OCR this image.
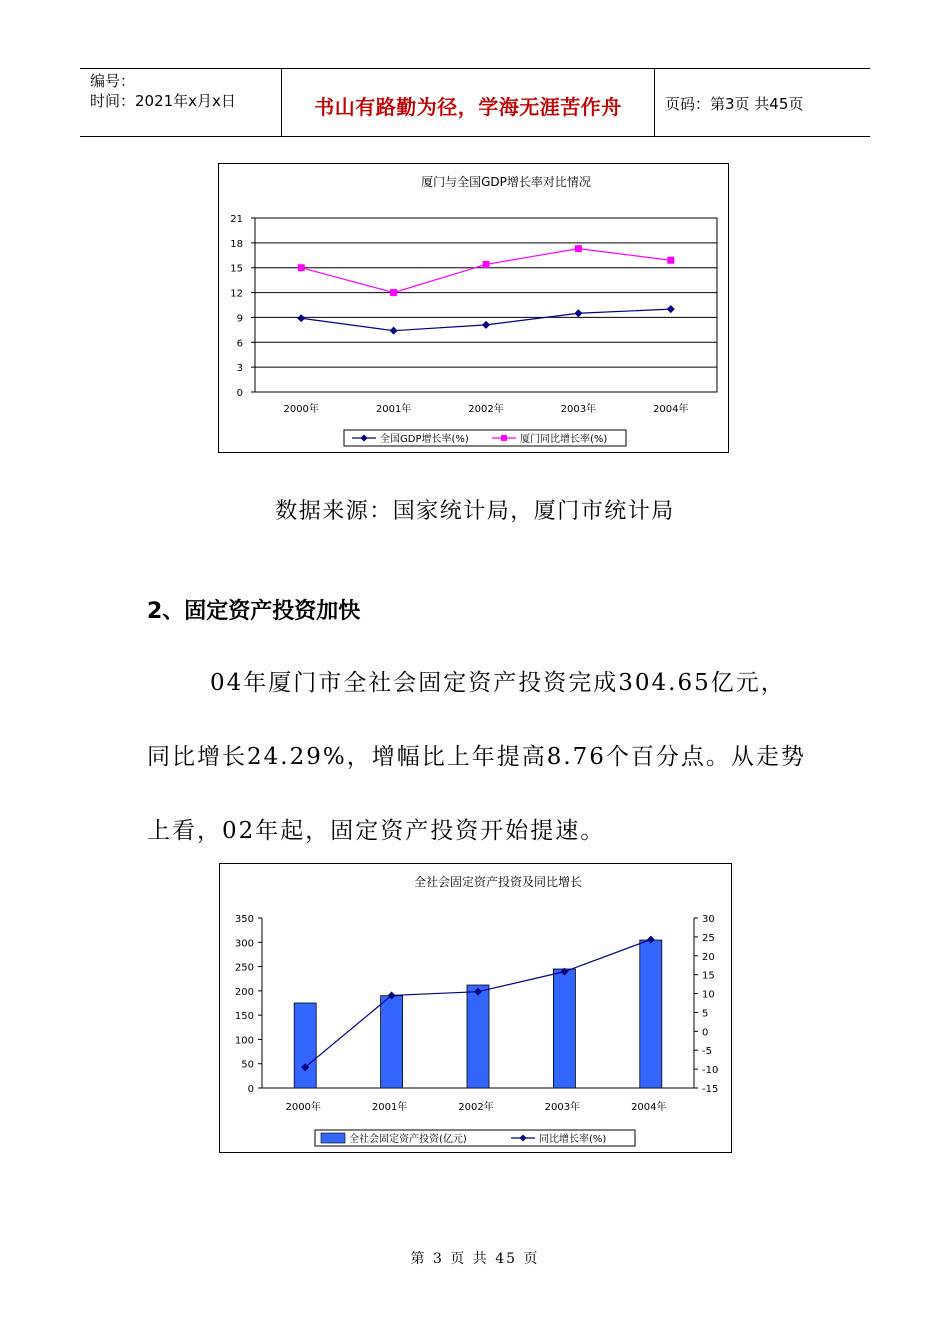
编号：
时间：2021年x月x日	书山有路勤为径，学海无涯苦作舟	页码：第3页 共45页
厦门与全国GDP增长率对比情况
0
3
6
9
12
15
18
21
2000年	2001年	2002年	2003年	2004年
全国GDP增长率(%)	厦门同比增长率(%)
数据来源：国家统计局，厦门市统计局
2、固定资产投资加快
04年厦门市全社会固定资产投资完成304.65亿元，
同比增长24.29%，增幅比上年提高8.76个百分点。从走势
上看，02年起，固定资产投资开始提速。
全社会固定资产投资及同比增长
0
50
100
150
200
250
300
350
-15
-10
-5
0
5
10
15
20
25
30
2000年	2001年	2002年	2003年	2004年
全社会固定资产投资(亿元)	同比增长率(%)
第 3 页 共 45 页
